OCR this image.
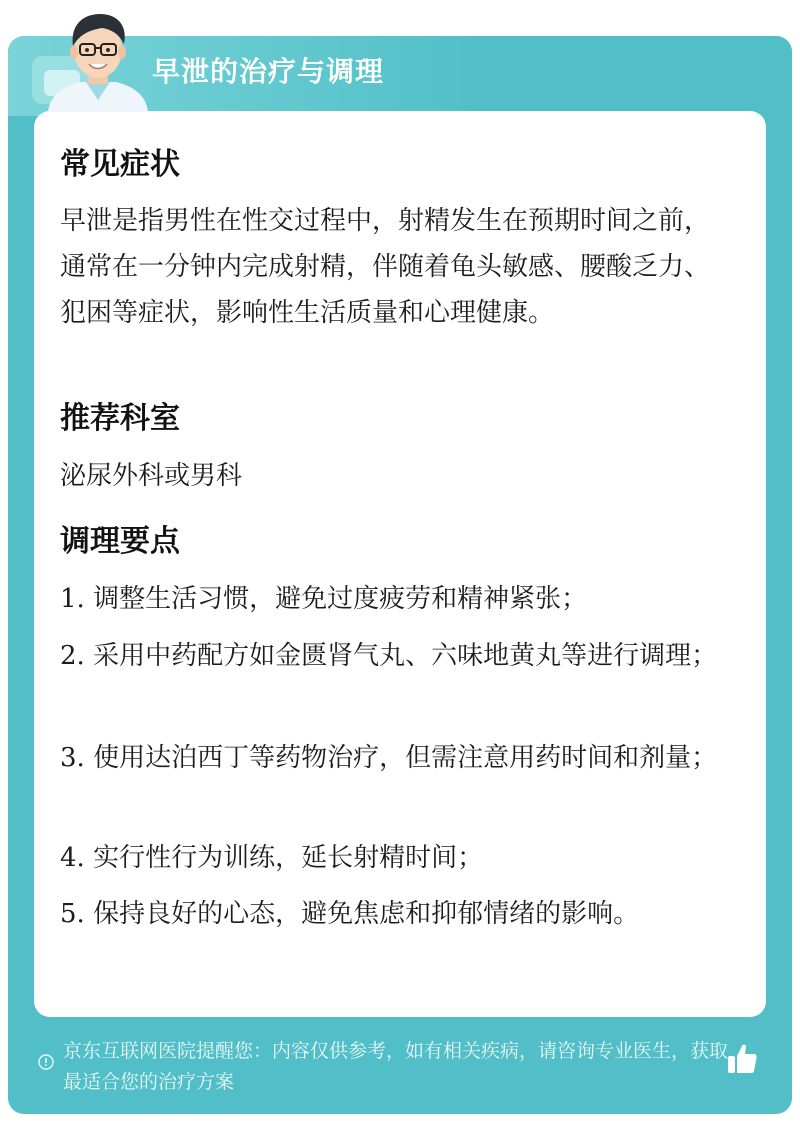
京东互联网医院提醒您：内容仅供参考，如有相关疾病，请咨询专业医生，获取最适合您的治疗方案
早泄的治疗与调理
常见症状
早泄是指男性在性交过程中，射精发生在预期时间之前，通常在一分钟内完成射精，伴随着龟头敏感、腰酸乏力、犯困等症状，影响性生活质量和心理健康。
推荐科室
泌尿外科或男科
调理要点
1. 调整生活习惯，避免过度疲劳和精神紧张；
2. 采用中药配方如金匮肾气丸、六味地黄丸等进行调理；
3. 使用达泊西丁等药物治疗，但需注意用药时间和剂量；
4. 实行性行为训练，延长射精时间；
5. 保持良好的心态，避免焦虑和抑郁情绪的影响。
